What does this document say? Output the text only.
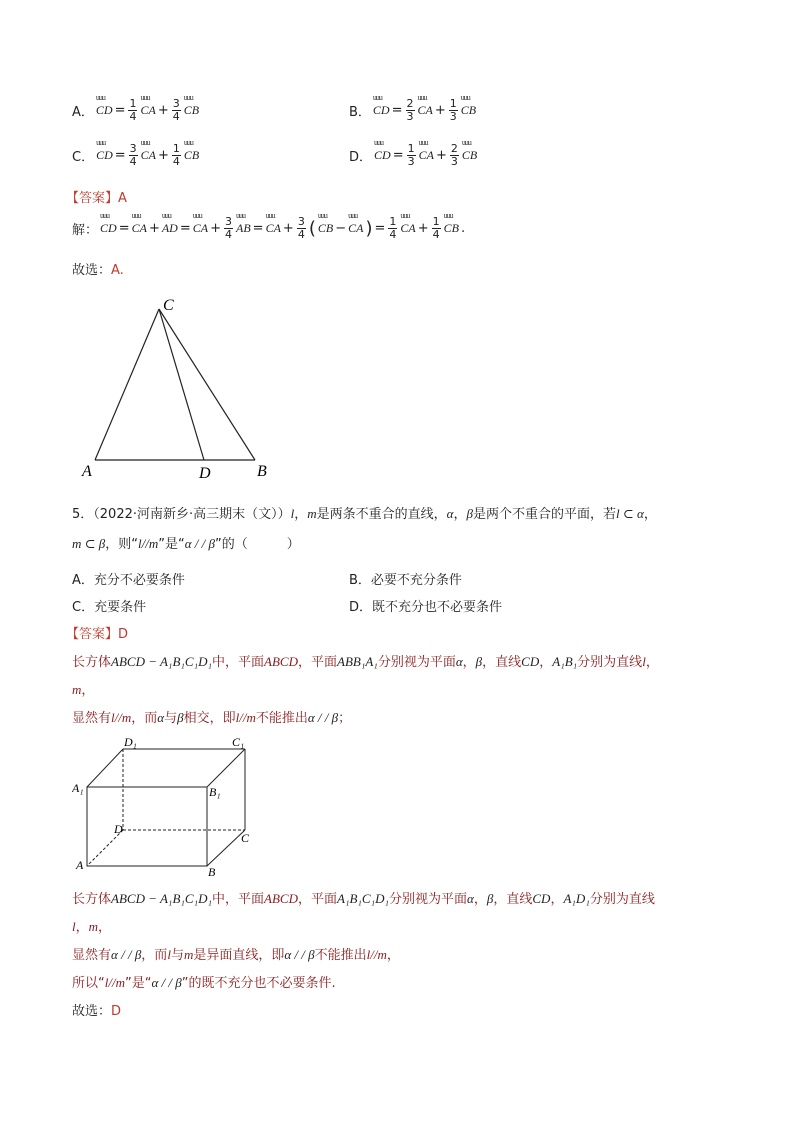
A． uuu CD = $\frac{1}{4}$ uuu CA + $\frac{3}{4}$ uuu CB	B． uuu CD = $\frac{2}{3}$ uuu CA + $\frac{1}{3}$ uuu CB
C． uuu CD = $\frac{3}{4}$ uuu CA + $\frac{1}{4}$ uuu CB	D． uuu CD = $\frac{1}{3}$ uuu CA + $\frac{2}{3}$ uuu CB
【答案】A
解： uuu CD = uuu CA + uuu AD = uuu CA + $\frac{3}{4}$ uuu AB = uuu CA + $\frac{3}{4}$ ( uuu CB − uuu CA ) = $\frac{1}{4}$ uuu CA + $\frac{1}{4}$ uuu CB .
故选：A.
C
A	D	B
5．（2022·河南新乡·高三期末（文））l，m是两条不重合的直线，α，β是两个不重合的平面，若l ⊂ α，
m ⊂ β，则“l//m”是“α / / β”的（　　　）
A．充分不必要条件	B．必要不充分条件
C．充要条件	D．既不充分也不必要条件
【答案】D
长方体ABCD − A₁B₁C₁D₁中，平面ABCD，平面ABB₁A₁分别视为平面α，β，直线CD，A₁B₁分别为直线l，
m，
显然有l//m，而α与β相交，即l//m不能推出α / / β；
D₁	C₁
A₁	B₁
D
C
A	B
长方体ABCD − A₁B₁C₁D₁中，平面ABCD，平面A₁B₁C₁D₁分别视为平面α，β，直线CD，A₁D₁分别为直线
l，m，
显然有α / / β，而l与m是异面直线，即α / / β不能推出l//m，
所以“l//m”是“α / / β”的既不充分也不必要条件.
故选：D
